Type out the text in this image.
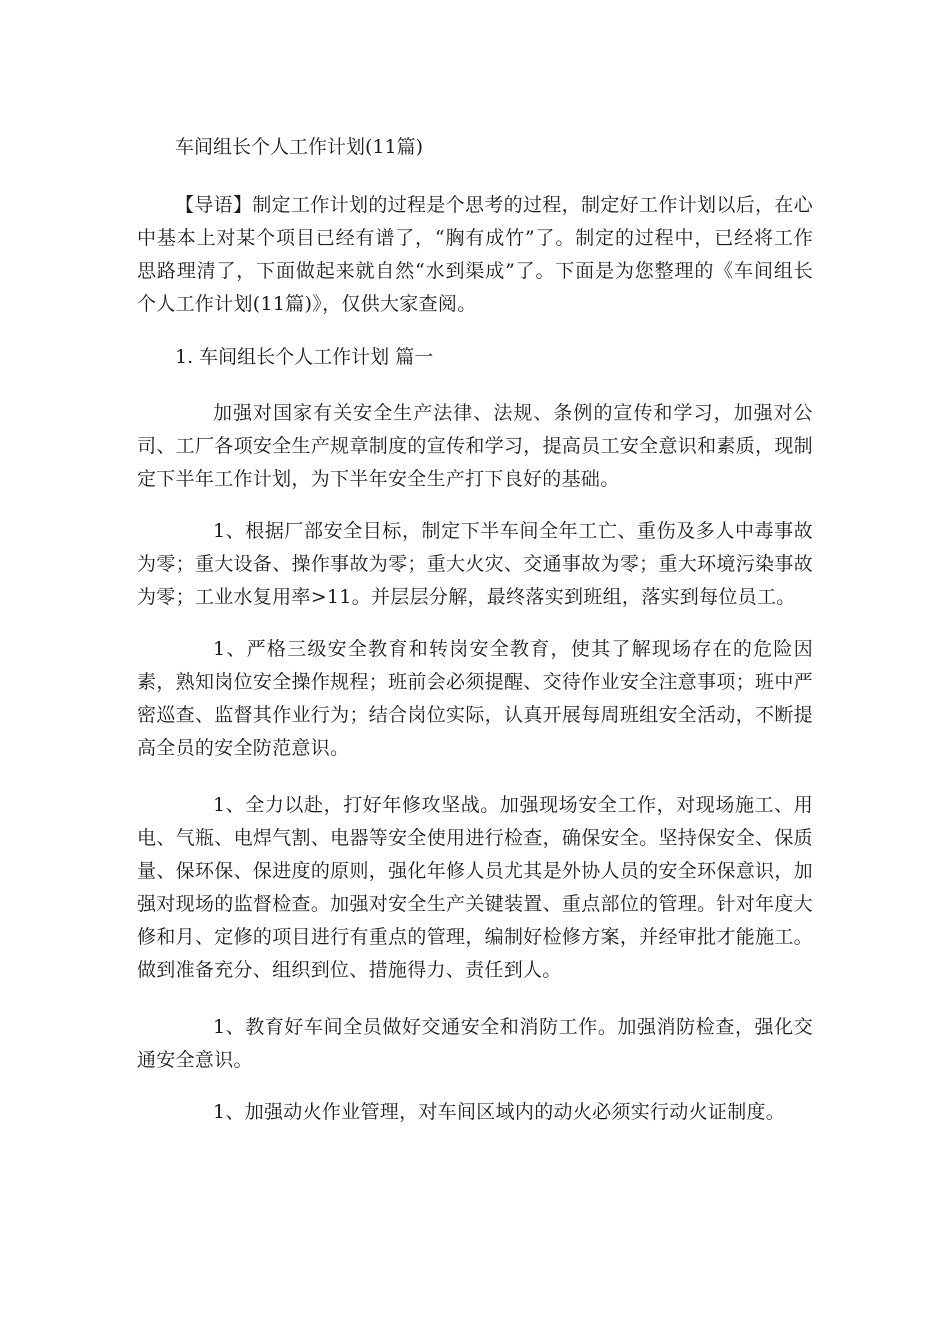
车间组长个人工作计划(11篇)

【导语】制定工作计划的过程是个思考的过程，制定好工作计划以后，在心中基本上对某个项目已经有谱了，“胸有成竹”了。制定的过程中，已经将工作思路理清了，下面做起来就自然“水到渠成”了。下面是为您整理的《车间组长个人工作计划(11篇)》，仅供大家查阅。

1. 车间组长个人工作计划 篇一

加强对国家有关安全生产法律、法规、条例的宣传和学习，加强对公司、工厂各项安全生产规章制度的宣传和学习，提高员工安全意识和素质，现制定下半年工作计划，为下半年安全生产打下良好的基础。

1、根据厂部安全目标，制定下半车间全年工亡、重伤及多人中毒事故为零；重大设备、操作事故为零；重大火灾、交通事故为零；重大环境污染事故为零；工业水复用率>11。并层层分解，最终落实到班组，落实到每位员工。

1、严格三级安全教育和转岗安全教育，使其了解现场存在的危险因素，熟知岗位安全操作规程；班前会必须提醒、交待作业安全注意事项；班中严密巡查、监督其作业行为；结合岗位实际，认真开展每周班组安全活动，不断提高全员的安全防范意识。

1、全力以赴，打好年修攻坚战。加强现场安全工作，对现场施工、用电、气瓶、电焊气割、电器等安全使用进行检查，确保安全。坚持保安全、保质量、保环保、保进度的原则，强化年修人员尤其是外协人员的安全环保意识，加强对现场的监督检查。加强对安全生产关键装置、重点部位的管理。针对年度大修和月、定修的项目进行有重点的管理，编制好检修方案，并经审批才能施工。做到准备充分、组织到位、措施得力、责任到人。

1、教育好车间全员做好交通安全和消防工作。加强消防检查，强化交通安全意识。

1、加强动火作业管理，对车间区域内的动火必须实行动火证制度。
